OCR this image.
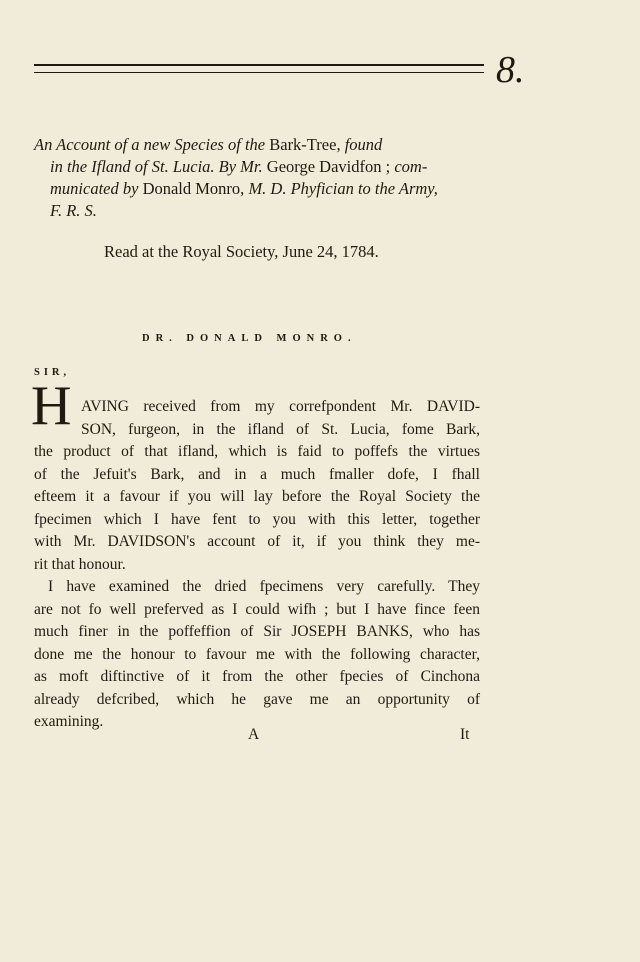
8.
An Account of a new Species of the Bark-Tree, found
in the Ifland of St. Lucia. By Mr. George Davidfon ; com-
municated by Donald Monro, M. D. Phyfician to the Army,
F. R. S.
Read at the Royal Society, June 24, 1784.
DR. DONALD MONRO.
SIR,
H AVING received from my correfpondent Mr. DAVID-
SON, furgeon, in the ifland of St. Lucia, fome Bark,
the product of that ifland, which is faid to poffefs the virtues
of the Jefuit's Bark, and in a much fmaller dofe, I fhall
efteem it a favour if you will lay before the Royal Society the
fpecimen which I have fent to you with this letter, together
with Mr. DAVIDSON's account of it, if you think they me-
rit that honour.
I have examined the dried fpecimens very carefully. They
are not fo well preferved as I could wifh ; but I have fince feen
much finer in the poffeffion of Sir JOSEPH BANKS, who has
done me the honour to favour me with the following character,
as moft diftinctive of it from the other fpecies of Cinchona
already defcribed, which he gave me an opportunity of
examining.
A	It
